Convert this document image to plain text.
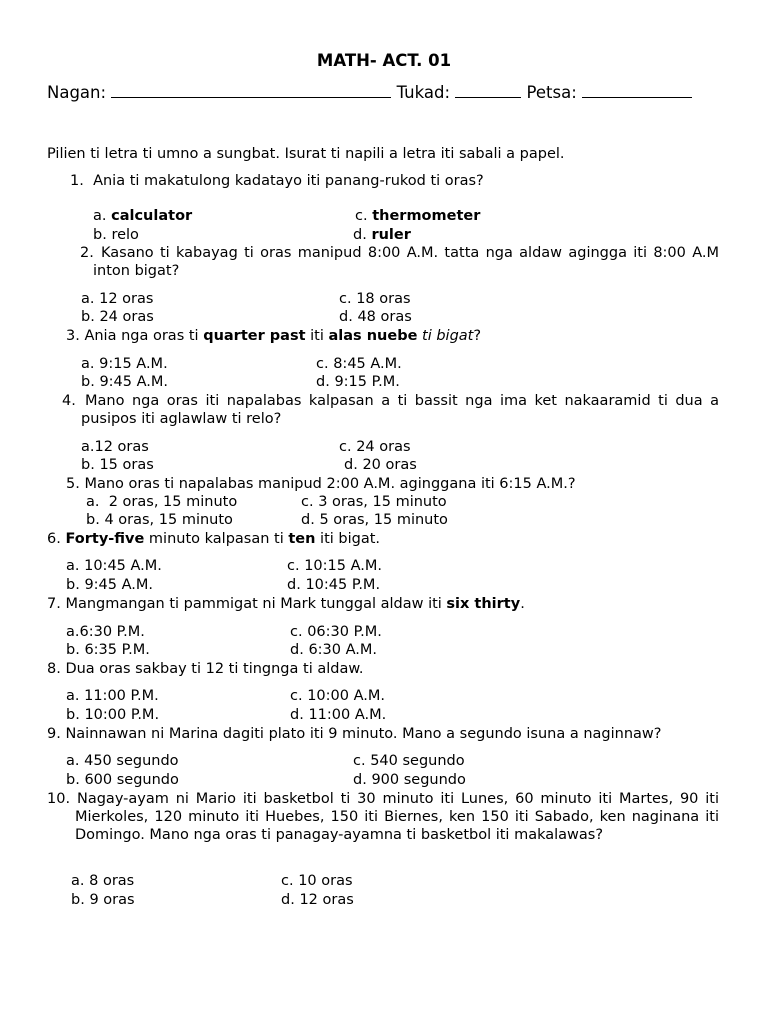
MATH- ACT. 01
Nagan:	Tukad:	Petsa:
Pilien ti letra ti umno a sungbat. Isurat ti napili a letra iti sabali a papel.
1. Ania ti makatulong kadatayo iti panang-rukod ti oras?
a. calculator
b. relo
c. thermometer
d. ruler
2. Kasano ti kabayag ti oras manipud 8:00 A.M. tatta nga aldaw agingga iti 8:00 A.M inton bigat?
a. 12 oras
b. 24 oras
c. 18 oras
d. 48 oras
3. Ania nga oras ti quarter past iti alas nuebe ti bigat?
a. 9:15 A.M.
b. 9:45 A.M.
c. 8:45 A.M.
d. 9:15 P.M.
4. Mano nga oras iti napalabas kalpasan a ti bassit nga ima ket nakaaramid ti dua a pusipos iti aglawlaw ti relo?
a.12 oras
b. 15 oras
c. 24 oras
d. 20 oras
5. Mano oras ti napalabas manipud 2:00 A.M. aginggana iti 6:15 A.M.?
a. 2 oras, 15 minuto
b. 4 oras, 15 minuto
c. 3 oras, 15 minuto
d. 5 oras, 15 minuto
6. Forty-five minuto kalpasan ti ten iti bigat.
a. 10:45 A.M.
b. 9:45 A.M.
c. 10:15 A.M.
d. 10:45 P.M.
7. Mangmangan ti pammigat ni Mark tunggal aldaw iti six thirty.
a.6:30 P.M.
b. 6:35 P.M.
c. 06:30 P.M.
d. 6:30 A.M.
8. Dua oras sakbay ti 12 ti tingnga ti aldaw.
a. 11:00 P.M.
b. 10:00 P.M.
c. 10:00 A.M.
d. 11:00 A.M.
9. Nainnawan ni Marina dagiti plato iti 9 minuto. Mano a segundo isuna a naginnaw?
a. 450 segundo
b. 600 segundo
c. 540 segundo
d. 900 segundo
10. Nagay-ayam ni Mario iti basketbol ti 30 minuto iti Lunes, 60 minuto iti Martes, 90 iti Mierkoles, 120 minuto iti Huebes, 150 iti Biernes, ken 150 iti Sabado, ken naginana iti Domingo. Mano nga oras ti panagay-ayamna ti basketbol iti makalawas?
a. 8 oras
b. 9 oras
c. 10 oras
d. 12 oras
